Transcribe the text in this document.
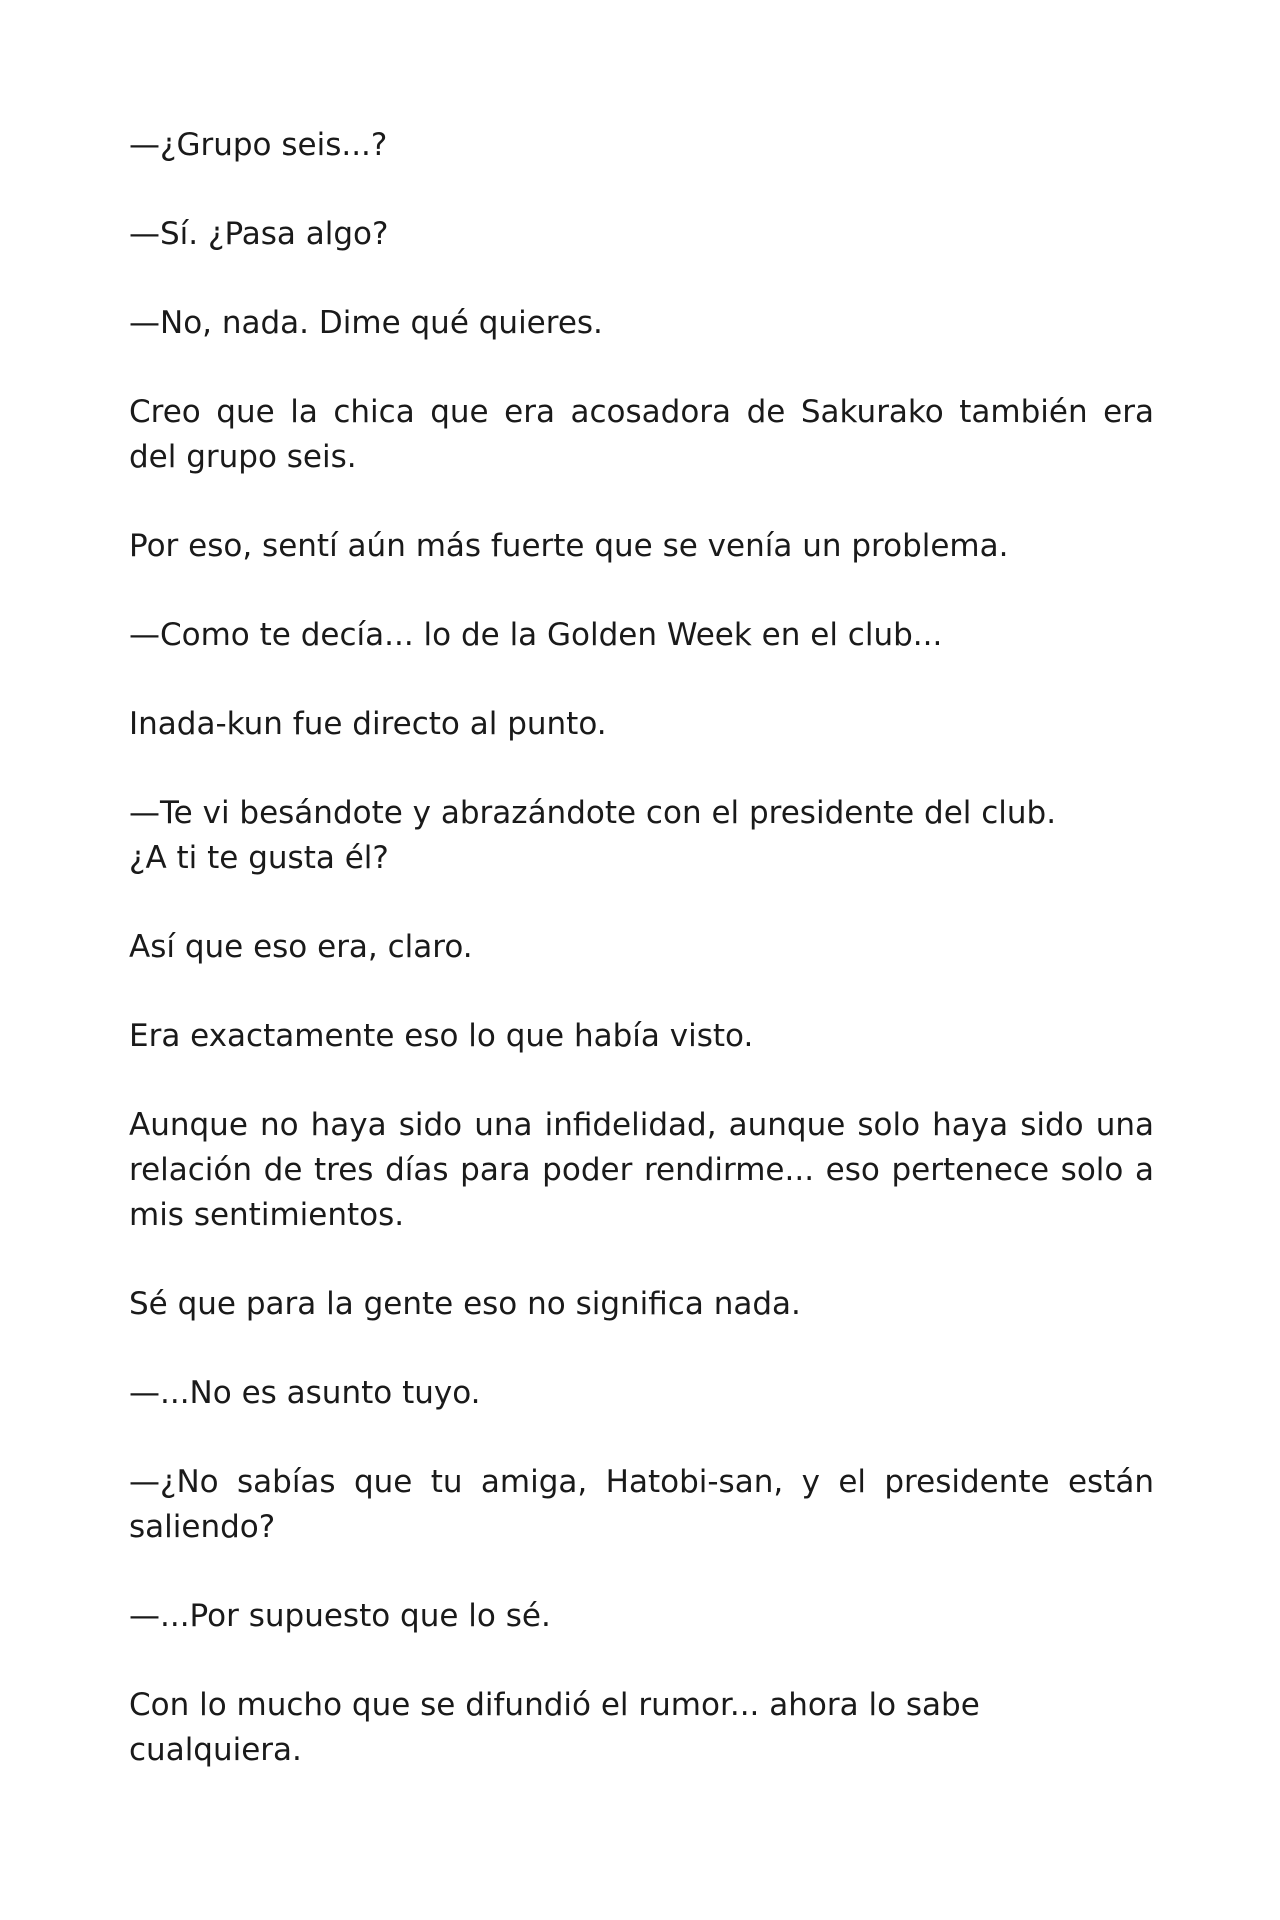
—¿Grupo seis...?

—Sí. ¿Pasa algo?

—No, nada. Dime qué quieres.

Creo que la chica que era acosadora de Sakurako también era del grupo seis.

Por eso, sentí aún más fuerte que se venía un problema.

—Como te decía... lo de la Golden Week en el club...

Inada-kun fue directo al punto.

—Te vi besándote y abrazándote con el presidente del club.
¿A ti te gusta él?

Así que eso era, claro.

Era exactamente eso lo que había visto.

Aunque no haya sido una infidelidad, aunque solo haya sido una relación de tres días para poder rendirme... eso pertenece solo a mis sentimientos.

Sé que para la gente eso no significa nada.

—...No es asunto tuyo.

—¿No sabías que tu amiga, Hatobi-san, y el presidente están saliendo?

—...Por supuesto que lo sé.

Con lo mucho que se difundió el rumor... ahora lo sabe cualquiera.
